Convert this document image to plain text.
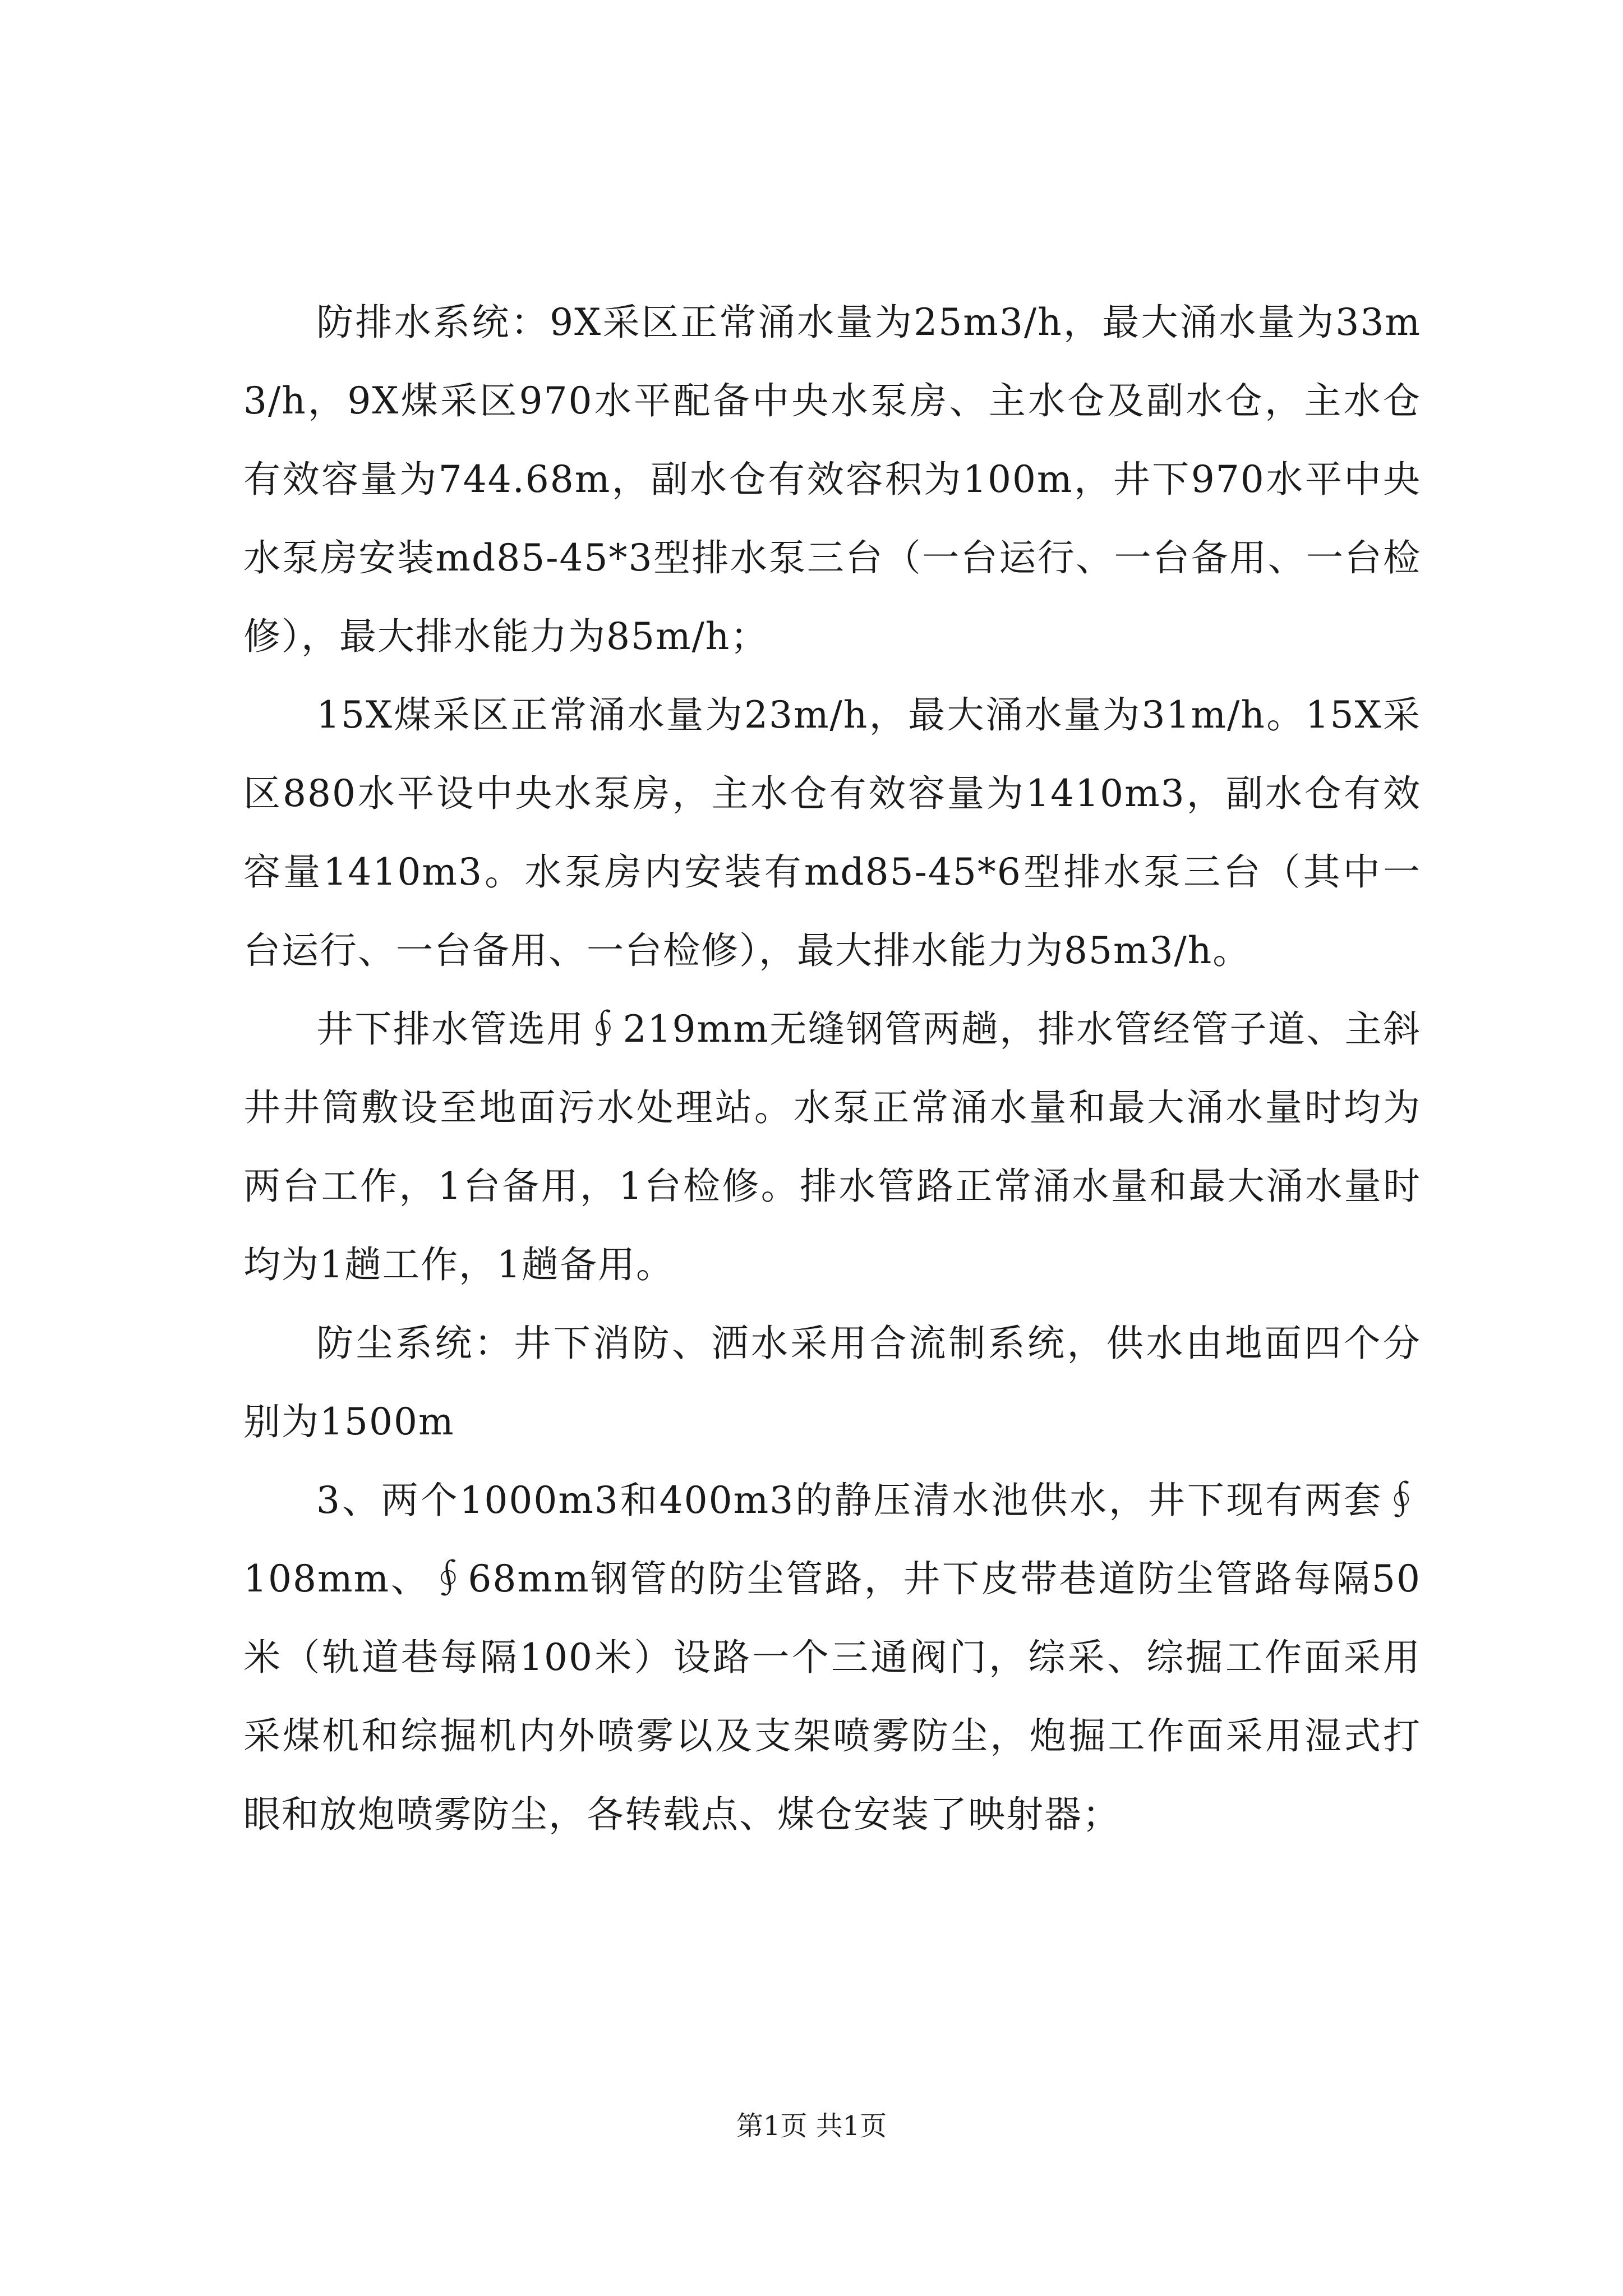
防排水系统：9X采区正常涌水量为25m3/h，最大涌水量为33m3/h，9X煤采区970水平配备中央水泵房、主水仓及副水仓，主水仓有效容量为744.68m，副水仓有效容积为100m，井下970水平中央水泵房安装md85-45*3型排水泵三台（一台运行、一台备用、一台检修），最大排水能力为85m/h；

15X煤采区正常涌水量为23m/h，最大涌水量为31m/h。15X采区880水平设中央水泵房，主水仓有效容量为1410m3，副水仓有效容量1410m3。水泵房内安装有md85-45*6型排水泵三台（其中一台运行、一台备用、一台检修），最大排水能力为85m3/h。

井下排水管选用∮219mm无缝钢管两趟，排水管经管子道、主斜井井筒敷设至地面污水处理站。水泵正常涌水量和最大涌水量时均为两台工作，1台备用，1台检修。排水管路正常涌水量和最大涌水量时均为1趟工作，1趟备用。

防尘系统：井下消防、洒水采用合流制系统，供水由地面四个分别为1500m

3、两个1000m3和400m3的静压清水池供水，井下现有两套∮108mm、∮68mm钢管的防尘管路，井下皮带巷道防尘管路每隔50米（轨道巷每隔100米）设路一个三通阀门，综采、综掘工作面采用采煤机和综掘机内外喷雾以及支架喷雾防尘，炮掘工作面采用湿式打眼和放炮喷雾防尘，各转载点、煤仓安装了映射器；

第1页 共1页
